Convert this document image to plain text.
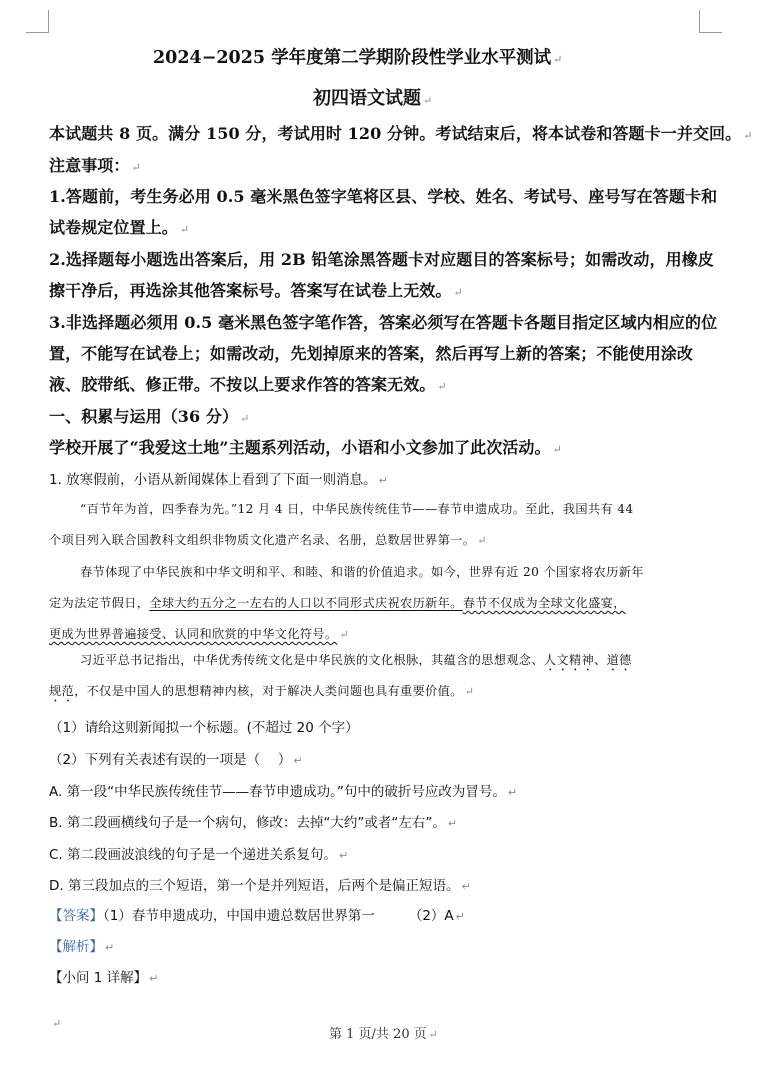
2024−2025 学年度第二学期阶段性学业水平测试 ↵
初四语文试题 ↵
本试题共 8 页。满分 150 分，考试用时 120 分钟。考试结束后，将本试卷和答题卡一并交回。 ↵
注意事项： ↵
1.答题前，考生务必用 0.5 毫米黑色签字笔将区县、学校、姓名、考试号、座号写在答题卡和
试卷规定位置上。 ↵
2.选择题每小题选出答案后，用 2B 铅笔涂黑答题卡对应题目的答案标号；如需改动，用橡皮
擦干净后，再选涂其他答案标号。答案写在试卷上无效。 ↵
3.非选择题必须用 0.5 毫米黑色签字笔作答，答案必须写在答题卡各题目指定区域内相应的位
置，不能写在试卷上；如需改动，先划掉原来的答案，然后再写上新的答案；不能使用涂改
液、胶带纸、修正带。不按以上要求作答的答案无效。 ↵
一、积累与运用（36 分） ↵
学校开展了“我爱这土地”主题系列活动，小语和小文参加了此次活动。 ↵
1. 放寒假前，小语从新闻媒体上看到了下面一则消息。 ↵
“百节年为首，四季春为先。”12 月 4 日，中华民族传统佳节——春节申遗成功。至此，我国共有 44
个项目列入联合国教科文组织非物质文化遗产名录、名册，总数居世界第一。 ↵
春节体现了中华民族和中华文明和平、和睦、和谐的价值追求。如今，世界有近 20 个国家将农历新年
定为法定节假日，全球大约五分之一左右的人口以不同形式庆祝农历新年。春节不仅成为全球文化盛宴，
更成为世界普遍接受、认同和欣赏的中华文化符号。 ↵
习近平总书记指出，中华优秀传统文化是中华民族的文化根脉，其蕴含的思想观念、人文精神、道德
规范，不仅是中国人的思想精神内核，对于解决人类问题也具有重要价值。 ↵
（1）请给这则新闻拟一个标题。(不超过 20 个字）
（2）下列有关表述有误的一项是（　 ） ↵
A. 第一段“中华民族传统佳节——春节申遗成功。”句中的破折号应改为冒号。 ↵
B. 第二段画横线句子是一个病句，修改：去掉“大约”或者“左右”。 ↵
C. 第二段画波浪线的句子是一个递进关系复句。 ↵
D. 第三段加点的三个短语，第一个是并列短语，后两个是偏正短语。 ↵
【答案】（1）春节申遗成功，中国申遗总数居世界第一	（2）A ↵
【解析】 ↵
【小问 1 详解】 ↵
第 1 页/共 20 页 ↵
↵
